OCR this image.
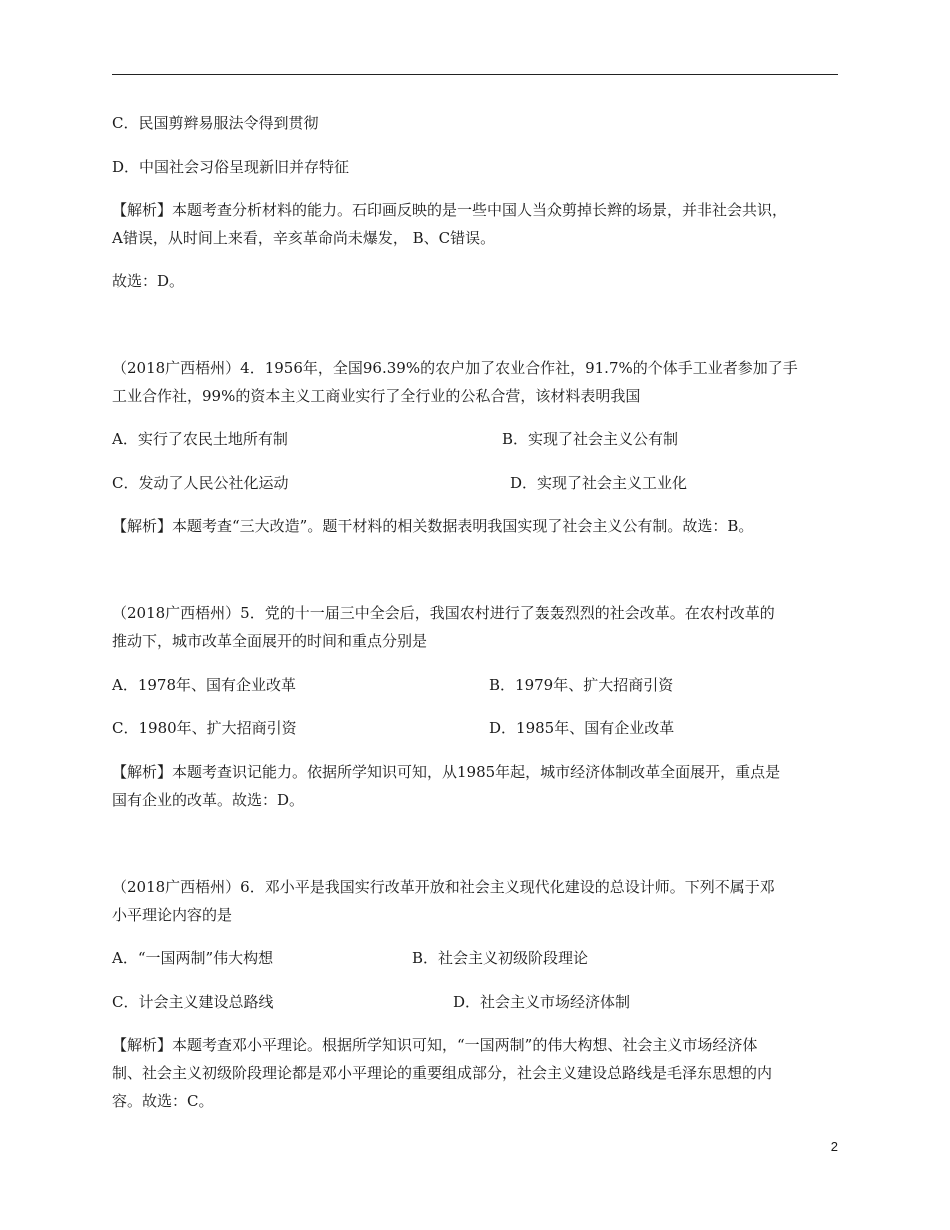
C．民国剪辫易服法令得到贯彻
D．中国社会习俗呈现新旧并存特征
【解析】本题考查分析材料的能力。石印画反映的是一些中国人当众剪掉长辫的场景，并非社会共识，
A错误，从时间上来看，辛亥革命尚未爆发， B、C错误。
故选：D。
（2018广西梧州）4．1956年，全国96.39%的农户加了农业合作社，91.7%的个体手工业者参加了手
工业合作社，99%的资本主义工商业实行了全行业的公私合营，该材料表明我国
A．实行了农民土地所有制	B．实现了社会主义公有制
C．发动了人民公社化运动	D．实现了社会主义工业化
【解析】本题考查“三大改造”。题干材料的相关数据表明我国实现了社会主义公有制。故选：B。
（2018广西梧州）5．党的十一届三中全会后，我国农村进行了轰轰烈烈的社会改革。在农村改革的
推动下，城市改革全面展开的时间和重点分别是
A．1978年、国有企业改革	B．1979年、扩大招商引资
C．1980年、扩大招商引资	D．1985年、国有企业改革
【解析】本题考查识记能力。依据所学知识可知，从1985年起，城市经济体制改革全面展开，重点是
国有企业的改革。故选：D。
（2018广西梧州）6．邓小平是我国实行改革开放和社会主义现代化建设的总设计师。下列不属于邓
小平理论内容的是
A．“一国两制”伟大构想	B．社会主义初级阶段理论
C．计会主义建设总路线	D．社会主义市场经济体制
【解析】本题考查邓小平理论。根据所学知识可知，“一国两制”的伟大构想、社会主义市场经济体
制、社会主义初级阶段理论都是邓小平理论的重要组成部分，社会主义建设总路线是毛泽东思想的内
容。故选：C。
2
